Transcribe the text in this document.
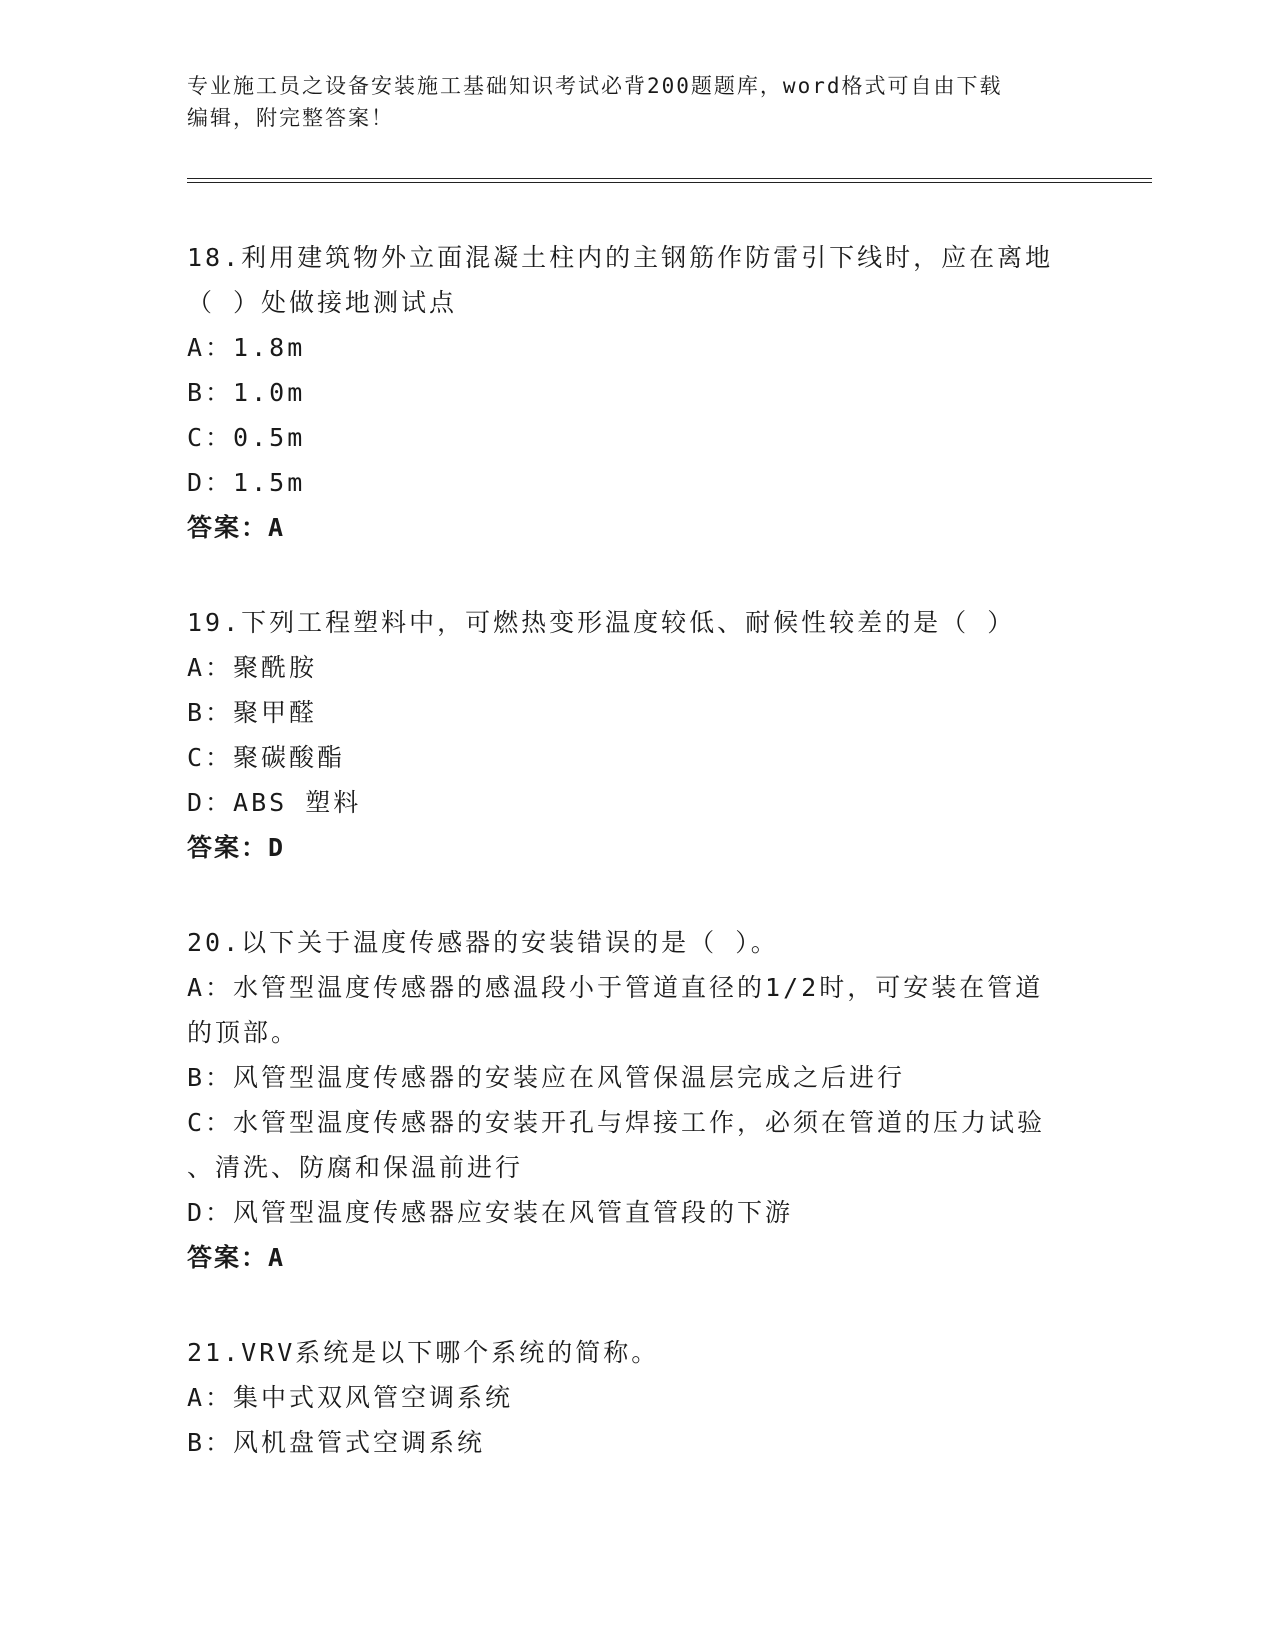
专业施工员之设备安装施工基础知识考试必背200题题库，word格式可自由下载
编辑，附完整答案！
18.利用建筑物外立面混凝土柱内的主钢筋作防雷引下线时，应在离地
（ ）处做接地测试点
A：1.8m
B：1.0m
C：0.5m
D：1.5m
答案：A
19.下列工程塑料中，可燃热变形温度较低、耐候性较差的是（ ）
A：聚酰胺
B：聚甲醛
C：聚碳酸酯
D：ABS 塑料
答案：D
20.以下关于温度传感器的安装错误的是（ ）。
A：水管型温度传感器的感温段小于管道直径的1/2时，可安装在管道
的顶部。
B：风管型温度传感器的安装应在风管保温层完成之后进行
C：水管型温度传感器的安装开孔与焊接工作，必须在管道的压力试验
、清洗、防腐和保温前进行
D：风管型温度传感器应安装在风管直管段的下游
答案：A
21.VRV系统是以下哪个系统的简称。
A：集中式双风管空调系统
B：风机盘管式空调系统
